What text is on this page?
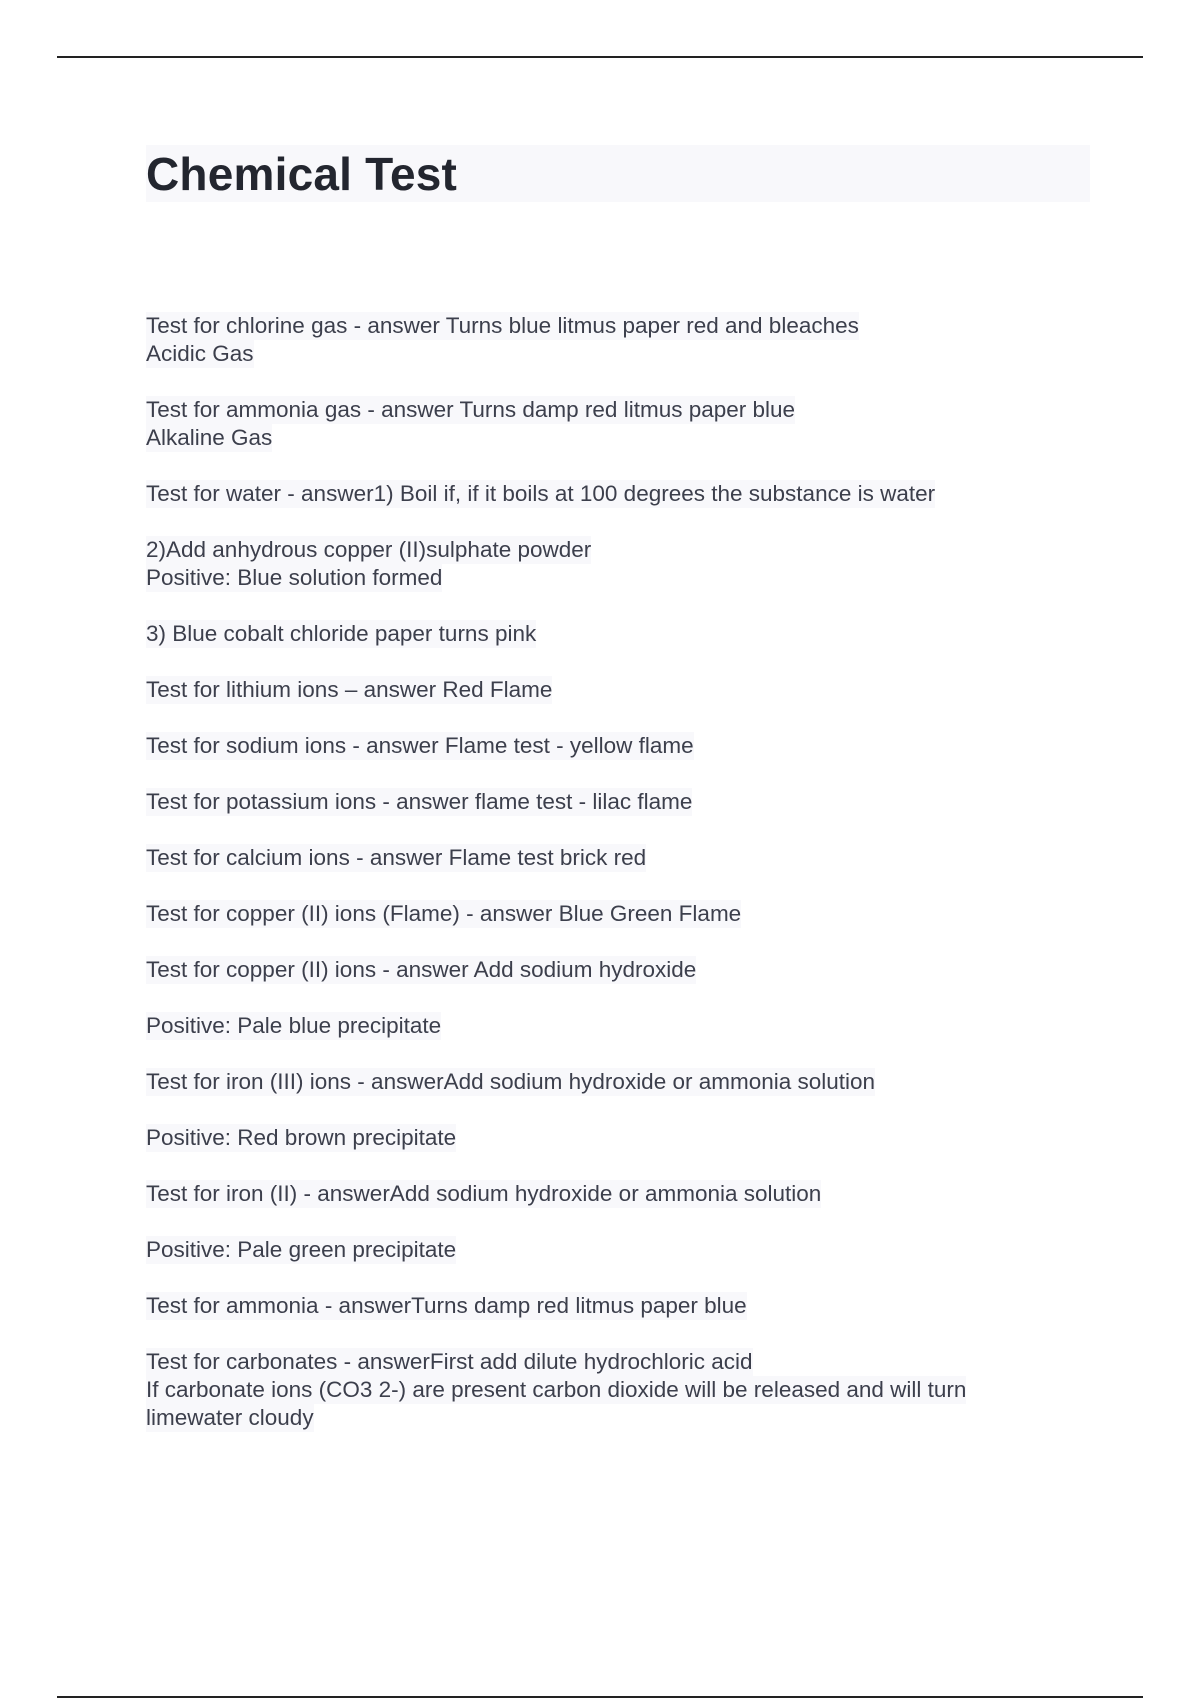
Chemical Test

Test for chlorine gas - answer Turns blue litmus paper red and bleaches
Acidic Gas

Test for ammonia gas - answer Turns damp red litmus paper blue
Alkaline Gas

Test for water - answer1) Boil if, if it boils at 100 degrees the substance is water

2)Add anhydrous copper (II)sulphate powder
Positive: Blue solution formed

3) Blue cobalt chloride paper turns pink

Test for lithium ions – answer Red Flame

Test for sodium ions - answer Flame test - yellow flame

Test for potassium ions - answer flame test - lilac flame

Test for calcium ions - answer Flame test brick red

Test for copper (II) ions (Flame) - answer Blue Green Flame

Test for copper (II) ions - answer Add sodium hydroxide

Positive: Pale blue precipitate

Test for iron (III) ions - answerAdd sodium hydroxide or ammonia solution

Positive: Red brown precipitate

Test for iron (II) - answerAdd sodium hydroxide or ammonia solution

Positive: Pale green precipitate

Test for ammonia - answerTurns damp red litmus paper blue

Test for carbonates - answerFirst add dilute hydrochloric acid
If carbonate ions (CO3 2-) are present carbon dioxide will be released and will turn
limewater cloudy
